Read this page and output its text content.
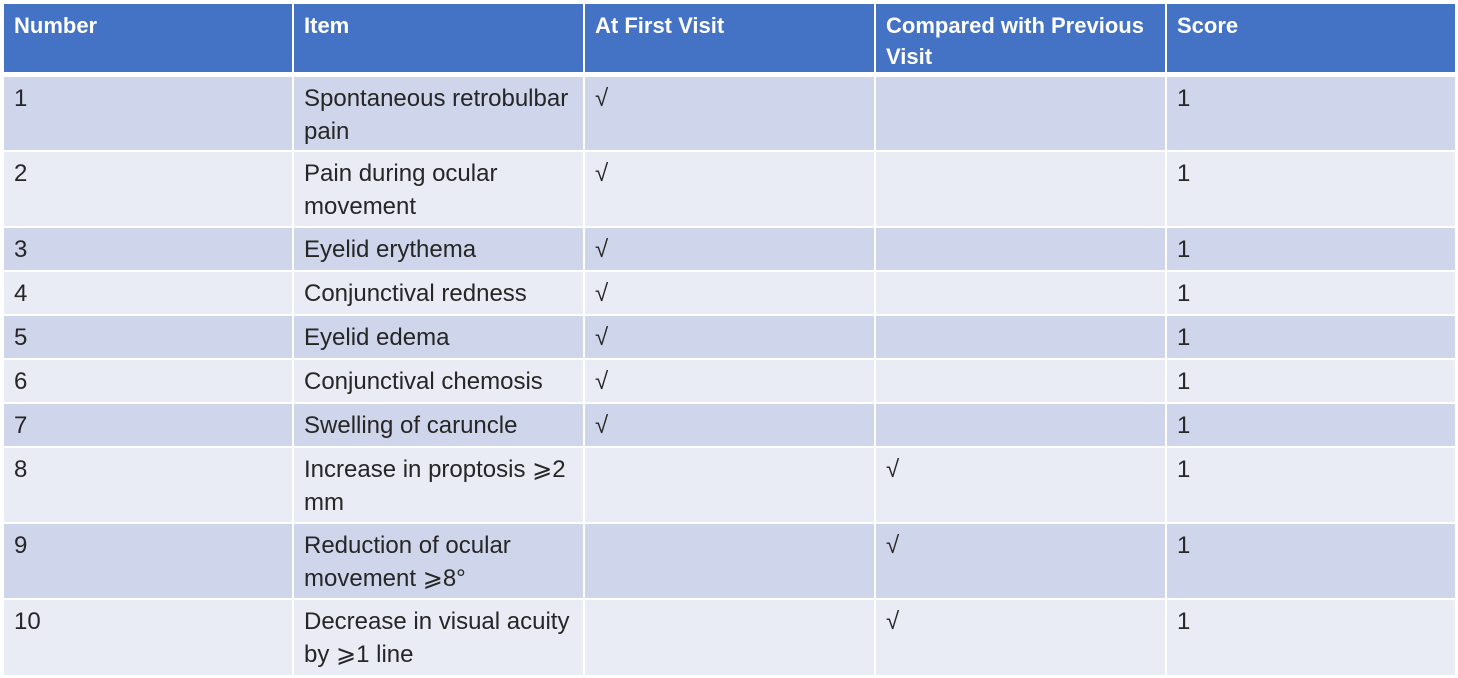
Number	Item	At First Visit	Compared with Previous Visit	Score
1	Spontaneous retrobulbar pain	√		1
2	Pain during ocular movement	√		1
3	Eyelid erythema	√		1
4	Conjunctival redness	√		1
5	Eyelid edema	√		1
6	Conjunctival chemosis	√		1
7	Swelling of caruncle	√		1
8	Increase in proptosis ⩾2 mm		√	1
9	Reduction of ocular movement ⩾8°		√	1
10	Decrease in visual acuity by ⩾1 line		√	1
